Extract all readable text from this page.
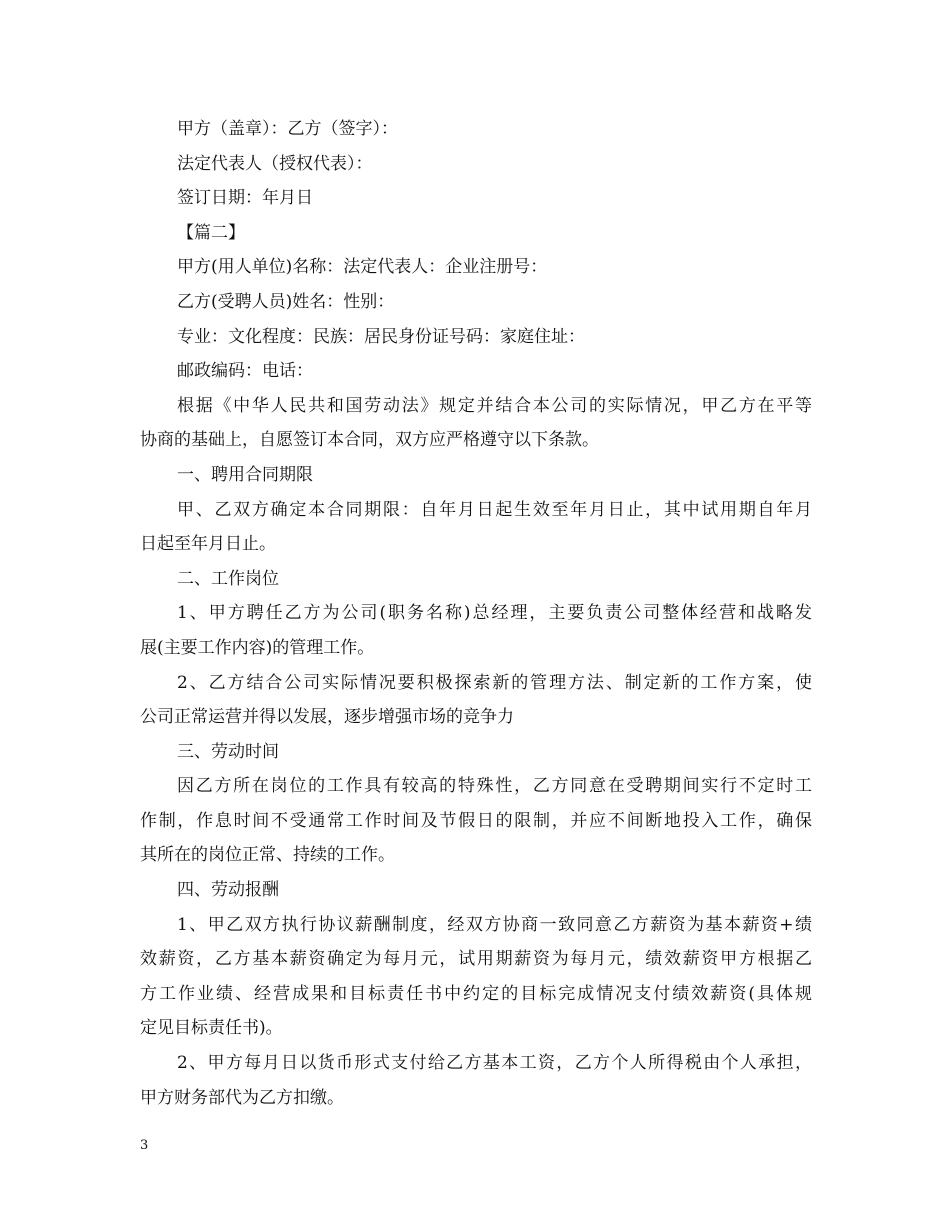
甲方（盖章）：乙方（签字）：
法定代表人（授权代表）：
签订日期：年月日
【篇二】
甲方(用人单位)名称：法定代表人：企业注册号：
乙方(受聘人员)姓名：性别：
专业：文化程度：民族：居民身份证号码：家庭住址：
邮政编码：电话：
根据《中华人民共和国劳动法》规定并结合本公司的实际情况，甲乙方在平等
协商的基础上，自愿签订本合同，双方应严格遵守以下条款。
一、聘用合同期限
甲、乙双方确定本合同期限：自年月日起生效至年月日止，其中试用期自年月
日起至年月日止。
二、工作岗位
1、甲方聘任乙方为公司(职务名称)总经理，主要负责公司整体经营和战略发
展(主要工作内容)的管理工作。
2、乙方结合公司实际情况要积极探索新的管理方法、制定新的工作方案，使
公司正常运营并得以发展，逐步增强市场的竞争力
三、劳动时间
因乙方所在岗位的工作具有较高的特殊性，乙方同意在受聘期间实行不定时工
作制，作息时间不受通常工作时间及节假日的限制，并应不间断地投入工作，确保
其所在的岗位正常、持续的工作。
四、劳动报酬
1、甲乙双方执行协议薪酬制度，经双方协商一致同意乙方薪资为基本薪资+绩
效薪资，乙方基本薪资确定为每月元，试用期薪资为每月元，绩效薪资甲方根据乙
方工作业绩、经营成果和目标责任书中约定的目标完成情况支付绩效薪资(具体规
定见目标责任书)。
2、甲方每月日以货币形式支付给乙方基本工资，乙方个人所得税由个人承担，
甲方财务部代为乙方扣缴。
3
